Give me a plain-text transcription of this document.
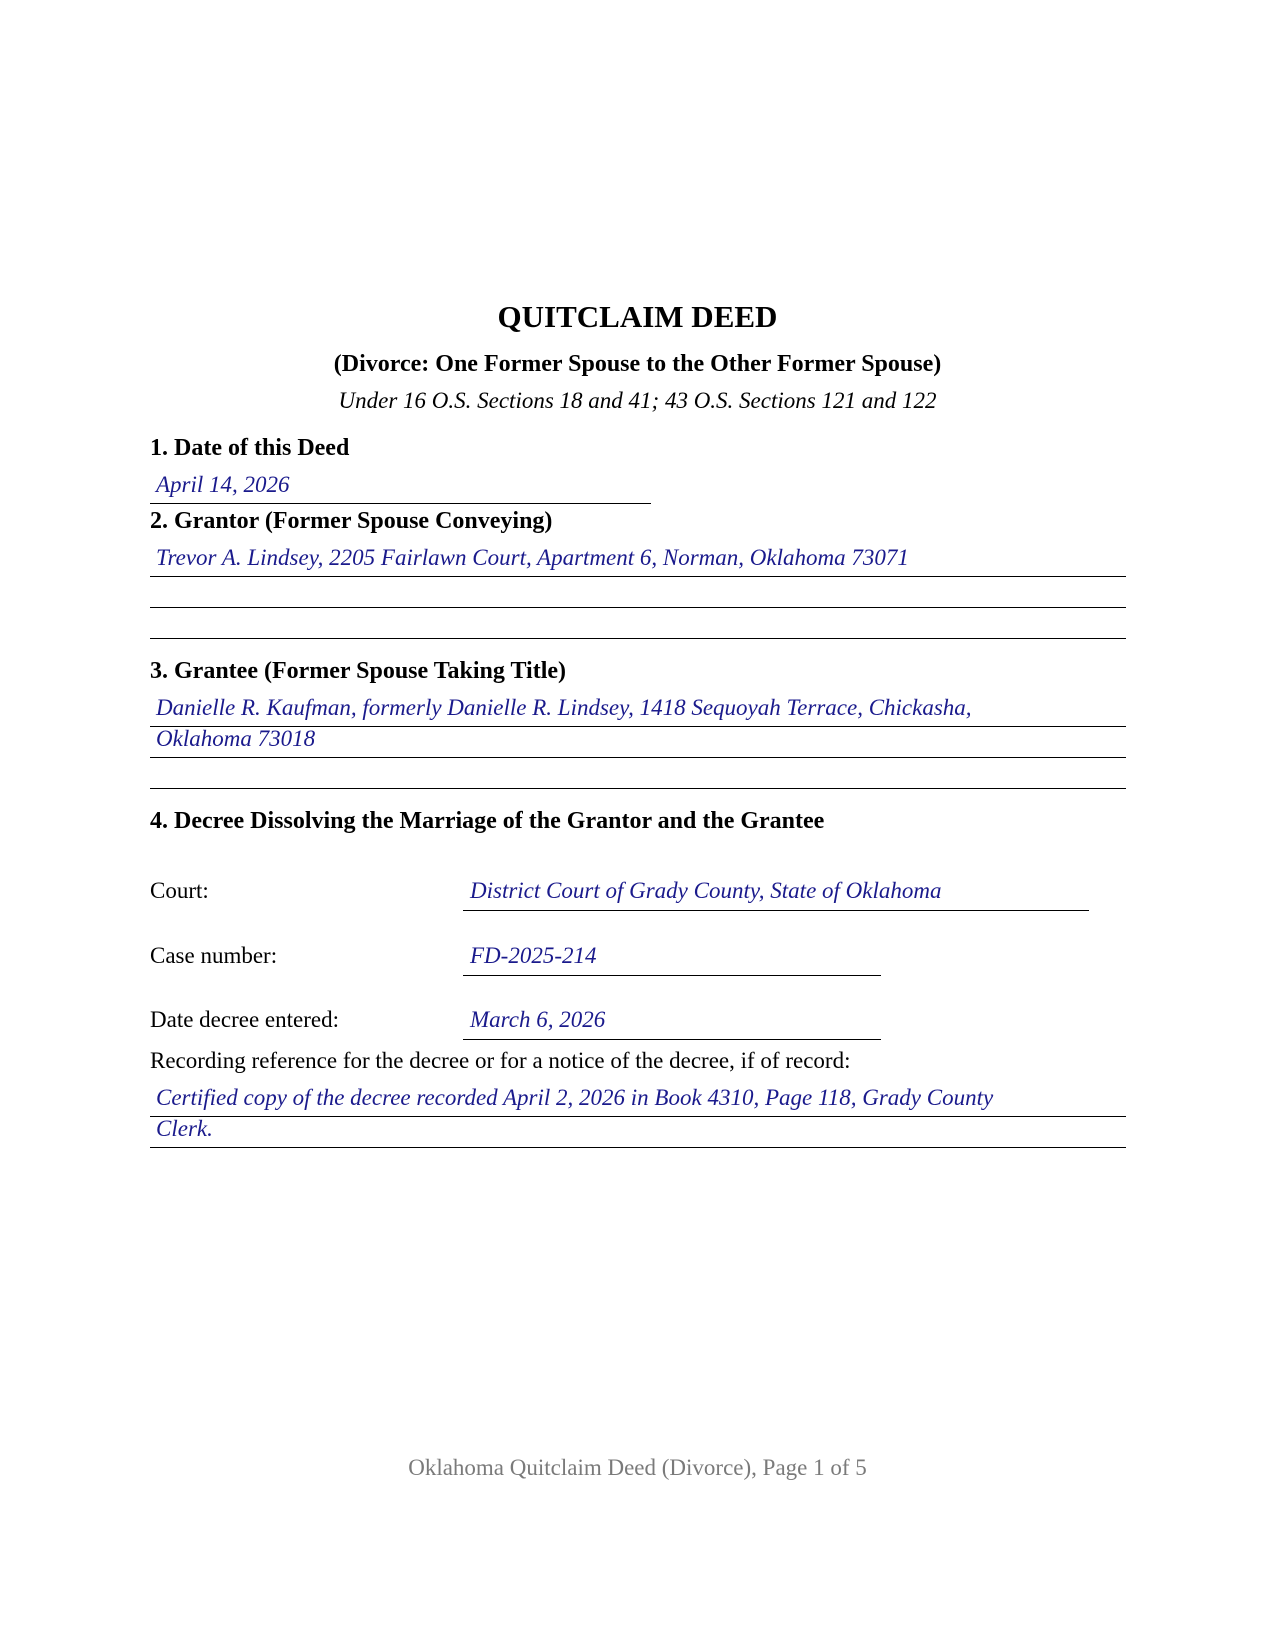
QUITCLAIM DEED
(Divorce: One Former Spouse to the Other Former Spouse)
Under 16 O.S. Sections 18 and 41; 43 O.S. Sections 121 and 122
1. Date of this Deed
April 14, 2026
2. Grantor (Former Spouse Conveying)
Trevor A. Lindsey, 2205 Fairlawn Court, Apartment 6, Norman, Oklahoma 73071
3. Grantee (Former Spouse Taking Title)
Danielle R. Kaufman, formerly Danielle R. Lindsey, 1418 Sequoyah Terrace, Chickasha,
Oklahoma 73018
4. Decree Dissolving the Marriage of the Grantor and the Grantee
Court:	District Court of Grady County, State of Oklahoma
Case number:	FD-2025-214
Date decree entered:	March 6, 2026
Recording reference for the decree or for a notice of the decree, if of record:
Certified copy of the decree recorded April 2, 2026 in Book 4310, Page 118, Grady County
Clerk.
Oklahoma Quitclaim Deed (Divorce), Page 1 of 5
